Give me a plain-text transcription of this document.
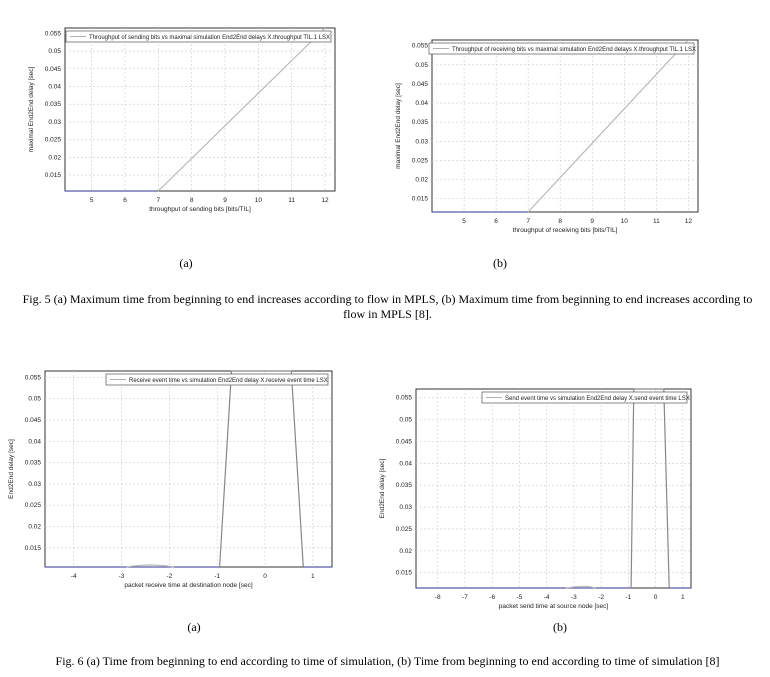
5	6	7	8	9	10	11	12
0.015
0.02
0.025
0.03
0.035
0.04
0.045
0.05
0.055
Throughput of sending bits vs maximal simulation End2End delays X.throughput TIL.1 LSX
throughput of sending bits [bits/TIL]
maximal End2End delay [sec]
5	6	7	8	9	10	11	12
0.015
0.02
0.025
0.03
0.035
0.04
0.045
0.05
0.055
Throughput of receiving bits vs maximal simulation End2End delays X.throughput TIL.1 LSX
throughput of receiving bits [bits/TIL]
maximal End2End delay [sec]
(a)	(b)
Fig. 5 (a) Maximum time from beginning to end increases according to flow in MPLS, (b) Maximum time from beginning to end increases according to flow in MPLS [8].
-4	-3	-2	-1	0	1
0.015
0.02
0.025
0.03
0.035
0.04
0.045
0.05
0.055	Receive event time vs simulation End2End delay X.receive event time LSX
packet receive time at destination node [sec]
End2End delay [sec]
-8	-7	-6	-5	-4	-3	-2	-1	0	1
0.015
0.02
0.025
0.03
0.035
0.04
0.045
0.05
0.055	Send event time vs simulation End2End delay X.send event time LSX
packet send time at source node [sec]
End2End delay [sec]
(a)	(b)
Fig. 6 (a) Time from beginning to end according to time of simulation, (b) Time from beginning to end according to time of simulation [8]
